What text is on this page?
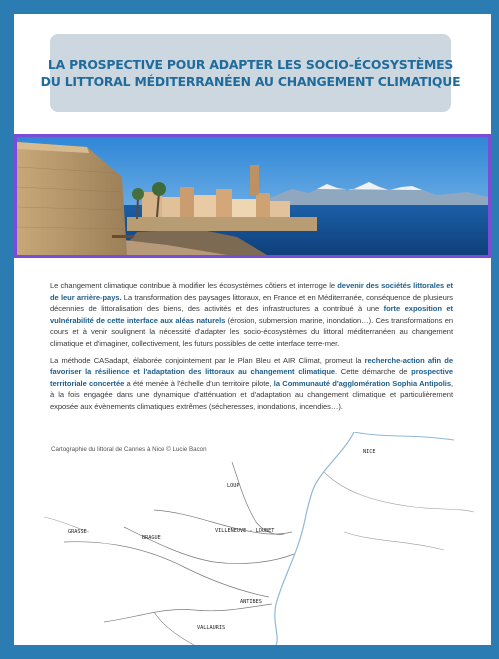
LA PROSPECTIVE POUR ADAPTER LES SOCIO-ÉCOSYSTÈMES
DU LITTORAL MÉDITERRANÉEN AU CHANGEMENT CLIMATIQUE

Le changement climatique contribue à modifier les écosystèmes côtiers et interroge le devenir des sociétés littorales et de leur arrière-pays. La transformation des paysages littoraux, en France et en Méditerranée, conséquence de plusieurs décennies de littoralisation des biens, des activités et des infrastructures a contribué à une forte exposition et vulnérabilité de cette interface aux aléas naturels (érosion, submersion marine, inondation…). Ces transformations en cours et à venir soulignent la nécessité d'adapter les socio-écosystèmes du littoral méditerranéen au changement climatique et d'imaginer, collectivement, les futurs possibles de cette interface terre-mer.

La méthode CASadapt, élaborée conjointement par le Plan Bleu et AIR Climat, promeut la recherche-action afin de favoriser la résilience et l'adaptation des littoraux au changement climatique. Cette démarche de prospective territoriale concertée a été menée à l'échelle d'un territoire pilote, la Communauté d'agglomération Sophia Antipolis, à la fois engagée dans une dynamique d'atténuation et d'adaptation au changement climatique et particulièrement exposée aux évènements climatiques extrêmes (sécheresses, inondations, incendies…).

Cartographie du littoral de Cannes à Nice © Lucie Bacon	NICE
LOUP
GRASSE
BRAGUE
VILLENEUVE - LOUBET
ANTIBES
VALLAURIS
